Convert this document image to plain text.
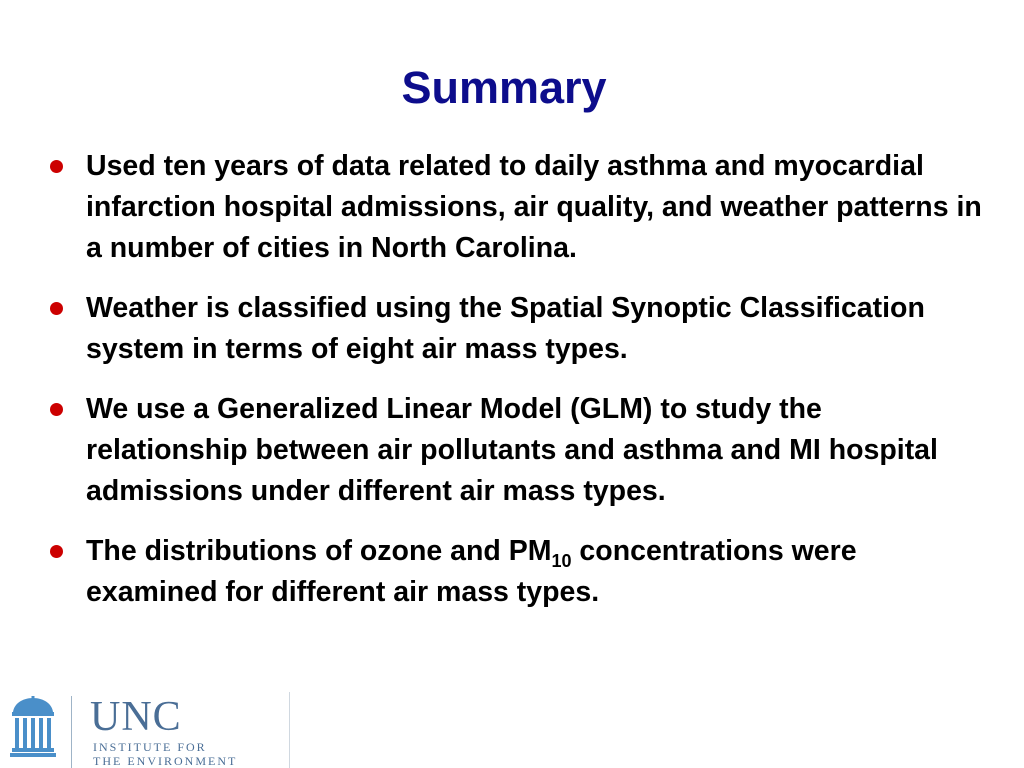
Summary
Used ten years of data related to daily asthma and myocardial infarction hospital admissions, air quality, and weather patterns in a number of cities in North Carolina.
Weather is classified using the Spatial Synoptic Classification system in terms of eight air mass types.
We use a Generalized Linear Model (GLM) to study the relationship between air pollutants and asthma and MI hospital admissions under different air mass types.
The distributions of ozone and $PM_{10}$ concentrations were examined for different air mass types.
UNC
INSTITUTE FOR
THE ENVIRONMENT
